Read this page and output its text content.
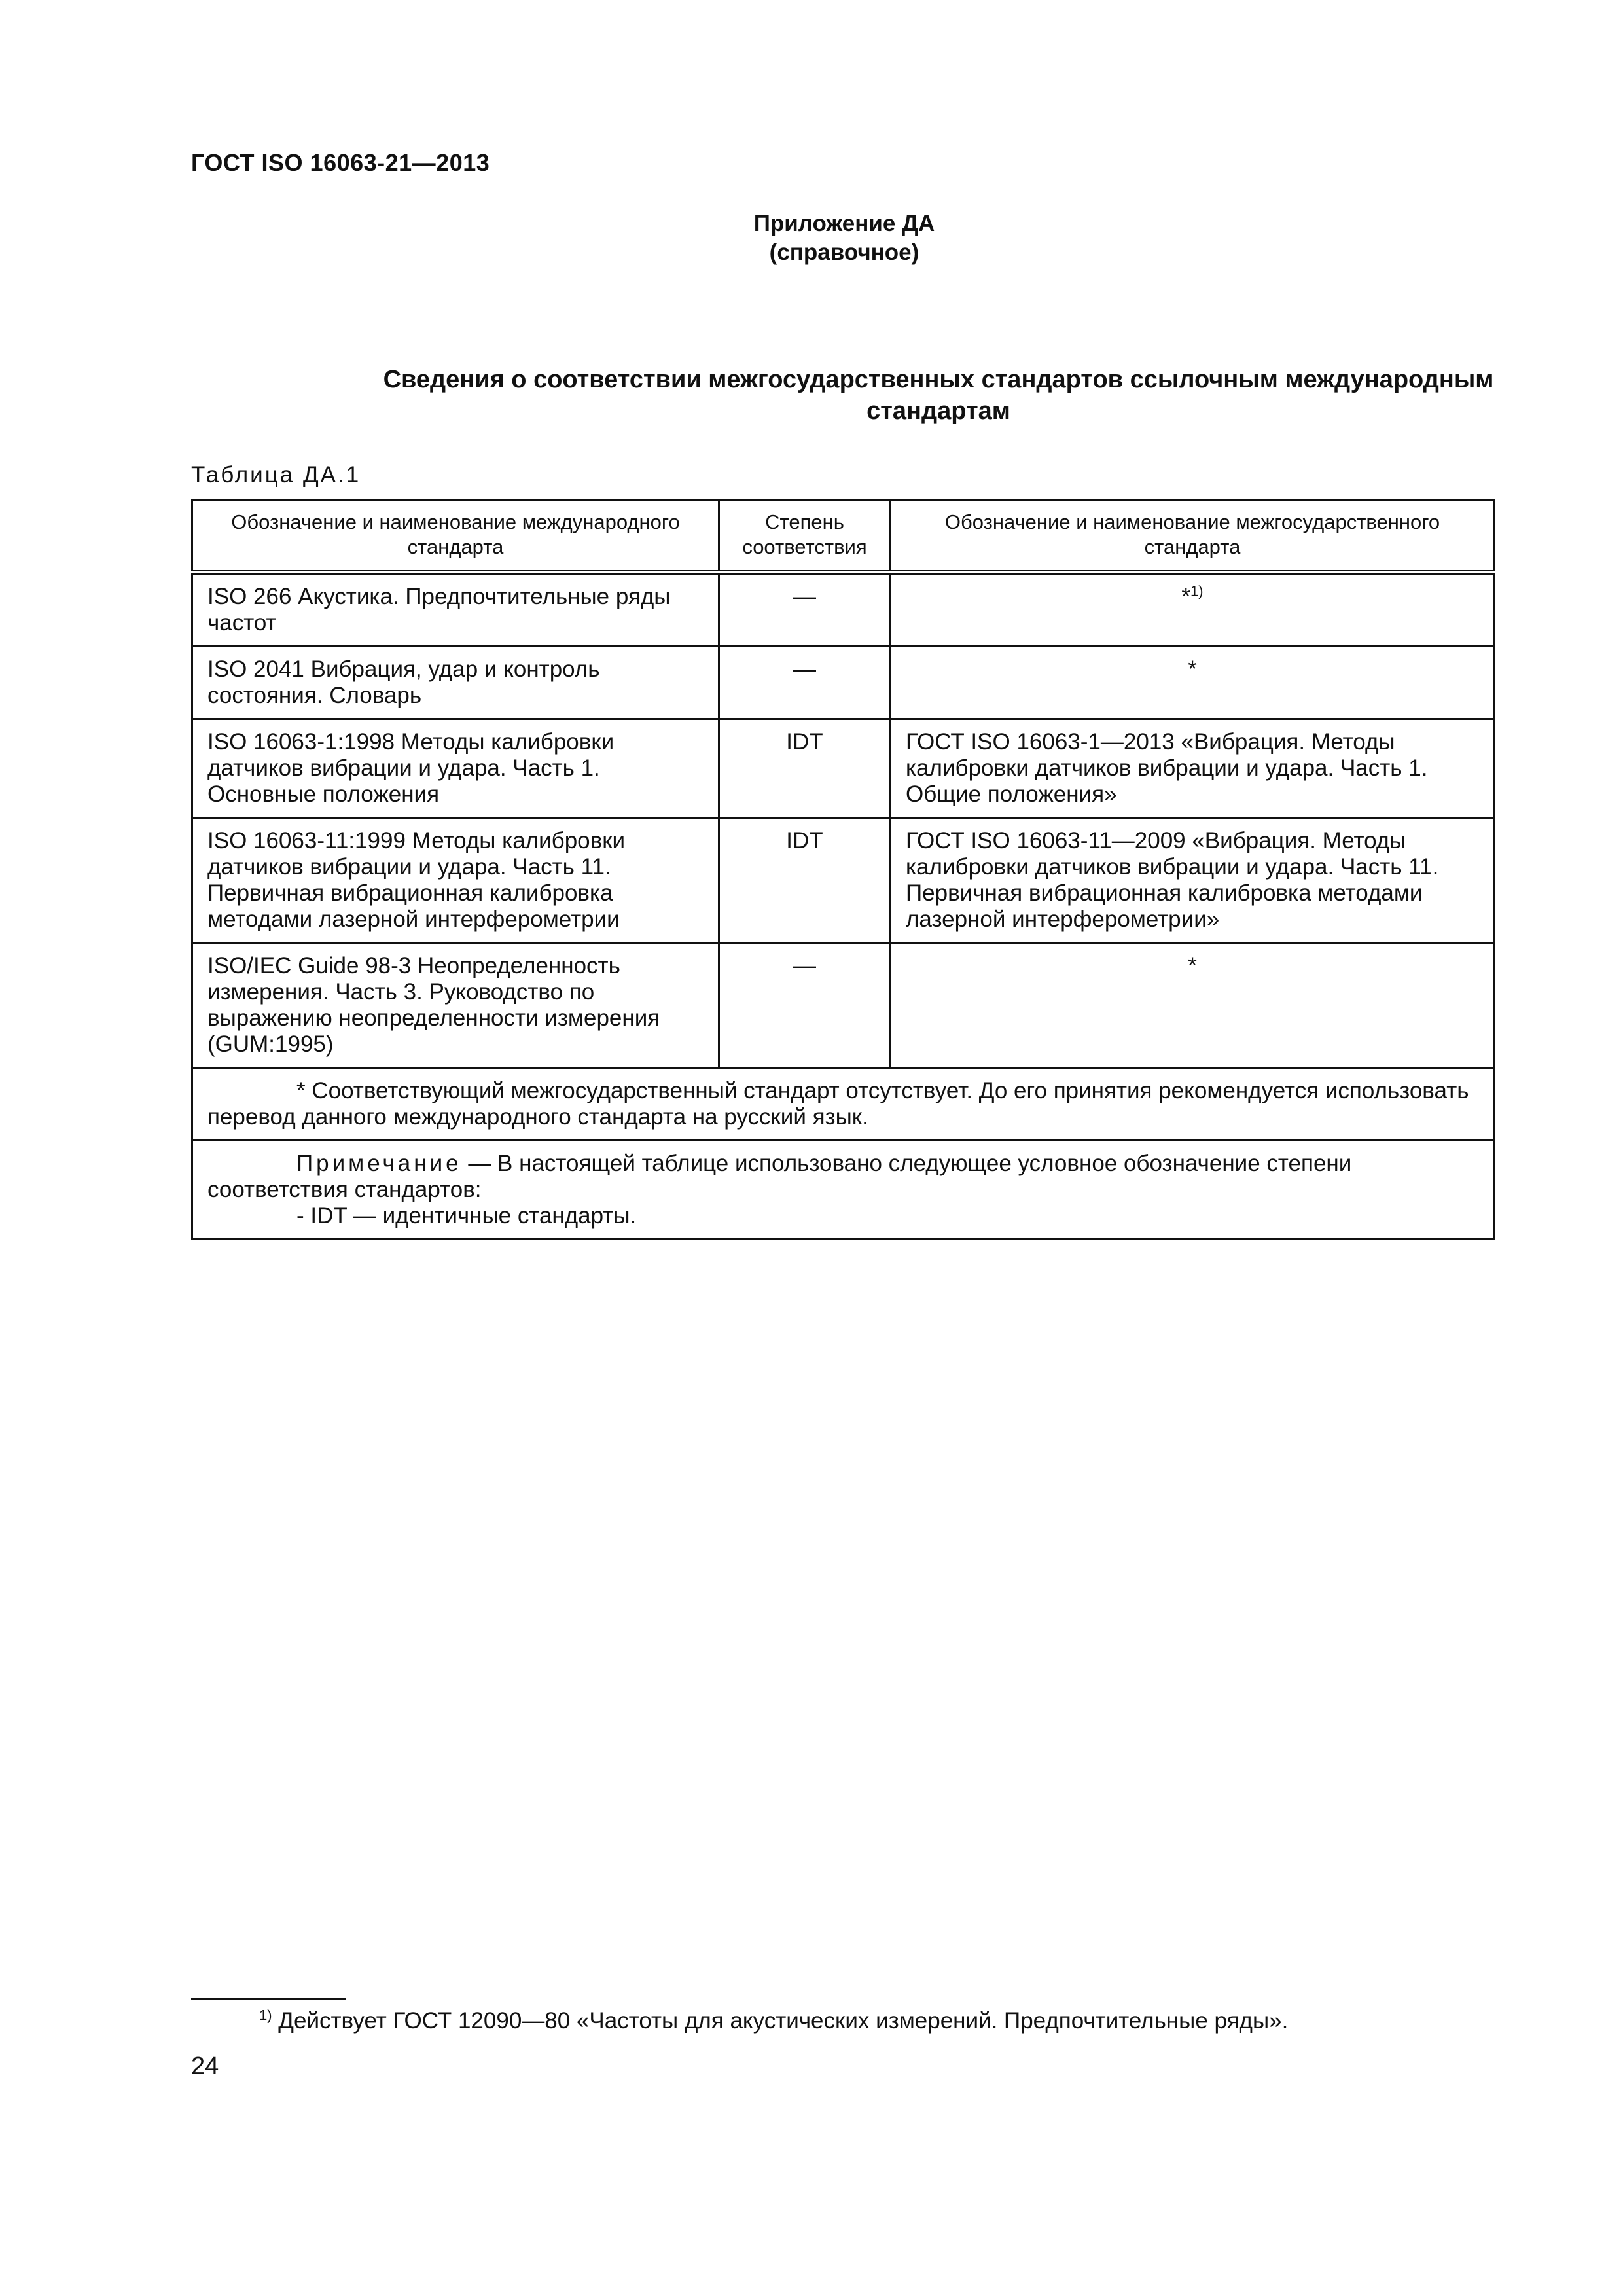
ГОСТ ISO 16063-21—2013
Приложение ДА
(справочное)
Сведения о соответствии межгосударственных стандартов ссылочным международным
стандартам
Таблица ДА.1
Обозначение и наименование международного стандарта	Степень соответствия	Обозначение и наименование межгосударственного стандарта
ISO 266 Акустика. Предпочтительные ряды частот	—	*$^{1)}$
ISO 2041 Вибрация, удар и контроль состояния. Словарь	—	*
ISO 16063-1:1998 Методы калибровки датчиков вибрации и удара. Часть 1. Основные положения	IDT	ГОСТ ISO 16063-1—2013 «Вибрация. Методы калибровки датчиков вибрации и удара. Часть 1. Общие положения»
ISO 16063-11:1999 Методы калибровки датчиков вибрации и удара. Часть 11. Первичная вибрационная калибровка методами лазерной интерферометрии	IDT	ГОСТ ISO 16063-11—2009 «Вибрация. Методы калибровки датчиков вибрации и удара. Часть 11. Первичная вибрационная калибровка методами лазерной интерферометрии»
ISO/IEC Guide 98-3 Неопределенность измерения. Часть 3. Руководство по выражению неопределенности измерения (GUM:1995)	—	*
* Соответствующий межгосударственный стандарт отсутствует. До его принятия рекомендуется использовать перевод данного международного стандарта на русский язык.		

Примечание — В настоящей таблице использовано следующее условное обозначение степени соответствия стандартов:
- IDT — идентичные стандарты.		
$^{1)}$ Действует ГОСТ 12090—80 «Частоты для акустических измерений. Предпочтительные ряды».
24
